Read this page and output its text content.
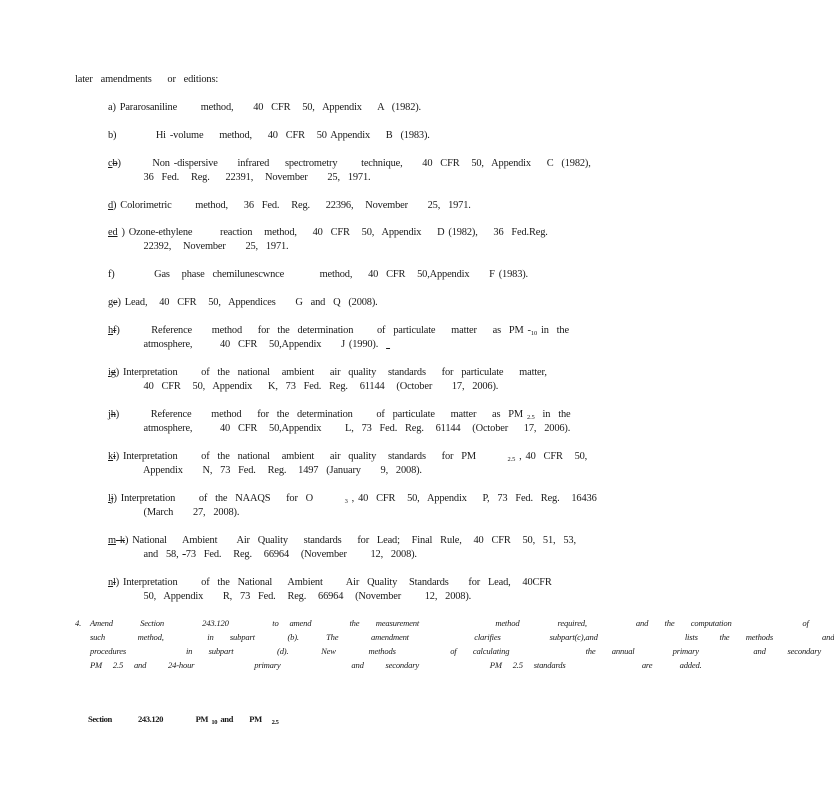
later  amendments    or  editions:
a) Pararosaniline      method,     40  CFR   50,  Appendix    A  (1982).
b)          Hi -volume    method,    40  CFR   50 Appendix    B  (1983).
cb)        Non -dispersive     infrared    spectrometry      technique,     40  CFR   50,  Appendix    C  (1982),
36  Fed.   Reg.    22391,   November     25,  1971.
d) Colorimetric      method,    36  Fed.   Reg.    22396,   November     25,  1971.
ed ) Ozone-ethylene       reaction   method,    40  CFR   50,  Appendix    D (1982),    36  Fed.Reg.
22392,   November     25,  1971.
f)          Gas   phase  chemilunescwnce         method,    40  CFR   50,Appendix     F (1983).
ge) Lead,   40  CFR   50,  Appendices     G  and  Q  (2008).
hf)        Reference     method    for  the  determination      of  particulate    matter    as  PM -10 in  the
atmosphere,       40  CFR   50,Appendix     J (1990).
ig) Interpretation      of  the  national   ambient    air  quality   standards    for  particulate    matter,
40  CFR   50,  Appendix    K,  73  Fed.  Reg.   61144   (October     17,  2006).
jh)        Reference     method    for  the  determination      of  particulate    matter    as  PM 2.5  in  the
atmosphere,       40  CFR   50,Appendix      L,  73  Fed.  Reg.   61144   (October    17,  2006).
ki) Interpretation      of  the  national   ambient    air  quality   standards    for  PM        2.5 , 40  CFR   50,
Appendix     N,  73  Fed.   Reg.   1497  (January     9,  2008).
lj) Interpretation      of  the  NAAQS    for  O        3 , 40  CFR   50,  Appendix    P,  73  Fed.  Reg.   16436
(March     27,  2008).
m k) National    Ambient     Air  Quality    standards    for  Lead;   Final  Rule,   40  CFR   50,  51,  53,
and  58, -73  Fed.   Reg.   66964   (November      12,  2008).
nl) Interpretation      of  the  National    Ambient      Air  Quality   Standards     for  Lead,   40CFR
50,  Appendix     R,  73  Fed.   Reg.   66964   (November      12,  2008).
4. Amend     Section       243.120        to  amend       the   measurement              method       required,         and   the   computation             of
such      method,        in   subpart      (b).     The      amendment            clarifies         subpart(c),and                lists    the   methods         and
procedures           in   subpart        (d).      New      methods          of   calculating              the   annual       primary          and    secondary
PM  2.5  and    24-hour           primary             and    secondary             PM  2.5  standards              are     added.

Section	243.120	PM $_{10}$ and PM $_{2.5}$
